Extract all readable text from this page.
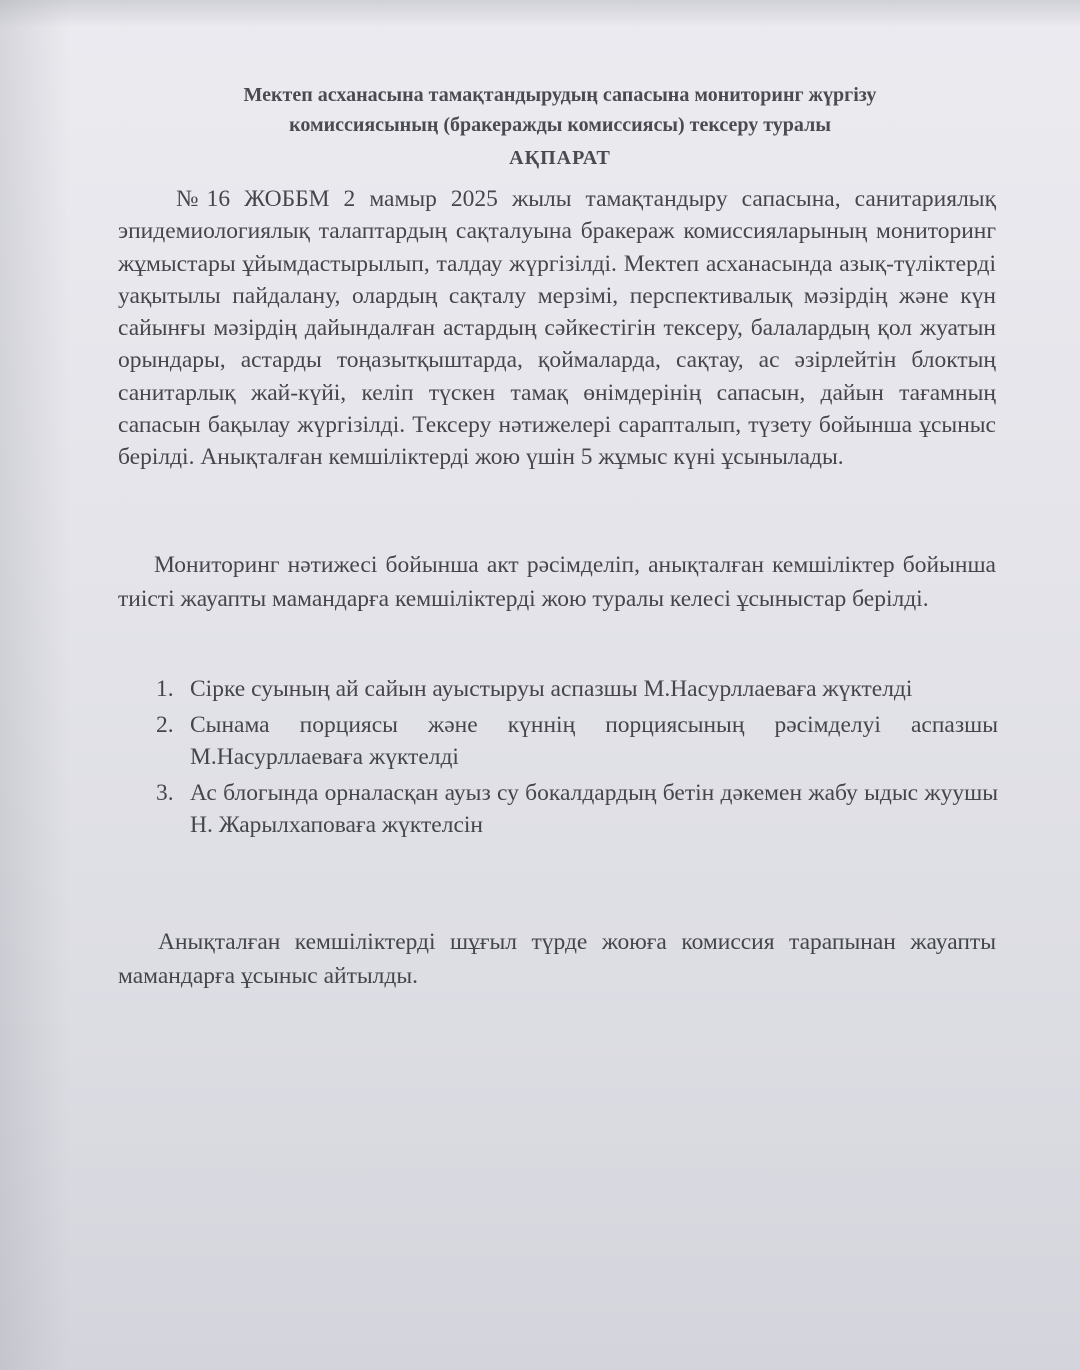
Мектеп асханасына тамақтандырудың сапасына мониторинг жүргізу

комиссиясының (бракеражды комиссиясы) тексеру туралы

АҚПАРАТ

№16 ЖОББМ 2 мамыр 2025 жылы тамақтандыру сапасына, санитариялық эпидемиологиялық талаптардың сақталуына бракераж комиссияларының мониторинг жұмыстары ұйымдастырылып, талдау жүргізілді. Мектеп асханасында азық-түліктерді уақытылы пайдалану, олардың сақталу мерзімі, перспективалық мәзірдің және күн сайынғы мәзірдің дайындалған астардың сәйкестігін тексеру, балалардың қол жуатын орындары, астарды тоңазытқыштарда, қоймаларда, сақтау, ас әзірлейтін блоктың санитарлық жай-күйі, келіп түскен тамақ өнімдерінің сапасын, дайын тағамның сапасын бақылау жүргізілді. Тексеру нәтижелері сарапталып, түзету бойынша ұсыныс берілді. Анықталған кемшіліктерді жою үшін 5 жұмыс күні ұсынылады.

Мониторинг нәтижесі бойынша акт рәсімделіп, анықталған кемшіліктер бойынша тиісті жауапты мамандарға кемшіліктерді жою туралы келесі ұсыныстар берілді.

1. Сірке суының ай сайын ауыстыруы аспазшы М.Насурллаеваға жүктелді
2. Сынама порциясы және күннің порциясының рәсімделуі аспазшы М.Насурллаеваға жүктелді
3. Ас блогында орналасқан ауыз су бокалдардың бетін дәкемен жабу ыдыс жуушы Н. Жарылхаповаға жүктелсін

Анықталған кемшіліктерді шұғыл түрде жоюға комиссия тарапынан жауапты мамандарға ұсыныс айтылды.
